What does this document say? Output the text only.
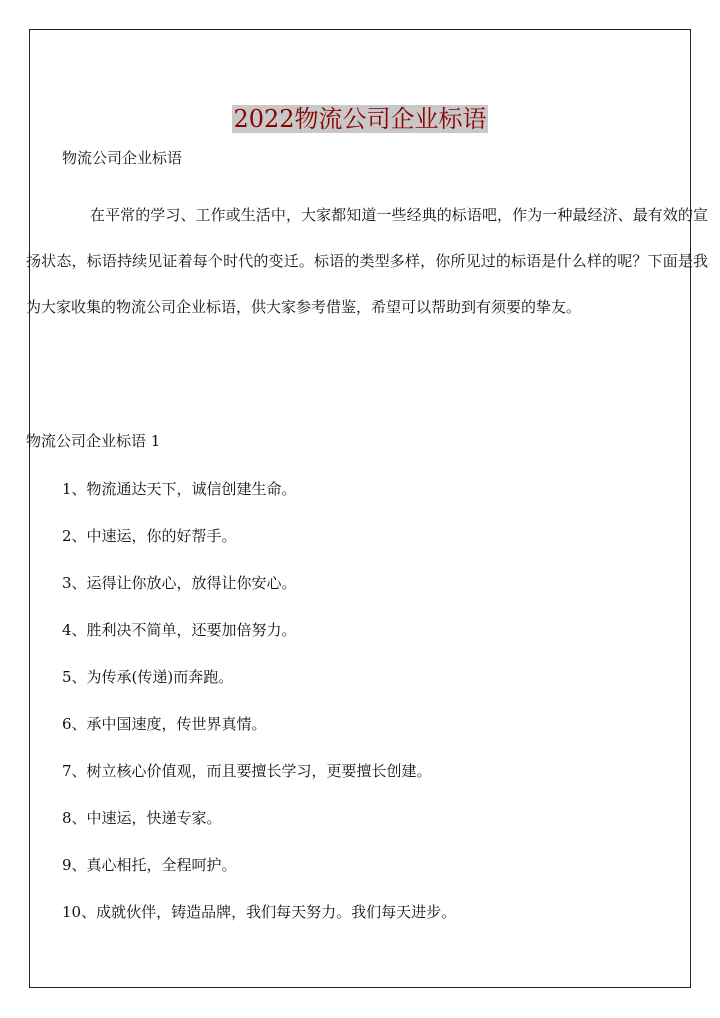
2022物流公司企业标语
物流公司企业标语

在平常的学习、工作或生活中，大家都知道一些经典的标语吧，作为一种最经济、最有效的宣扬状态，标语持续见证着每个时代的变迁。标语的类型多样，你所见过的标语是什么样的呢？下面是我为大家收集的物流公司企业标语，供大家参考借鉴，希望可以帮助到有须要的挚友。

物流公司企业标语 1
1、物流通达天下，诚信创建生命。
2、中速运，你的好帮手。
3、运得让你放心，放得让你安心。
4、胜利决不简单，还要加倍努力。
5、为传承(传递)而奔跑。
6、承中国速度，传世界真情。
7、树立核心价值观，而且要擅长学习，更要擅长创建。
8、中速运，快递专家。
9、真心相托，全程呵护。
10、成就伙伴，铸造品牌，我们每天努力。我们每天进步。
